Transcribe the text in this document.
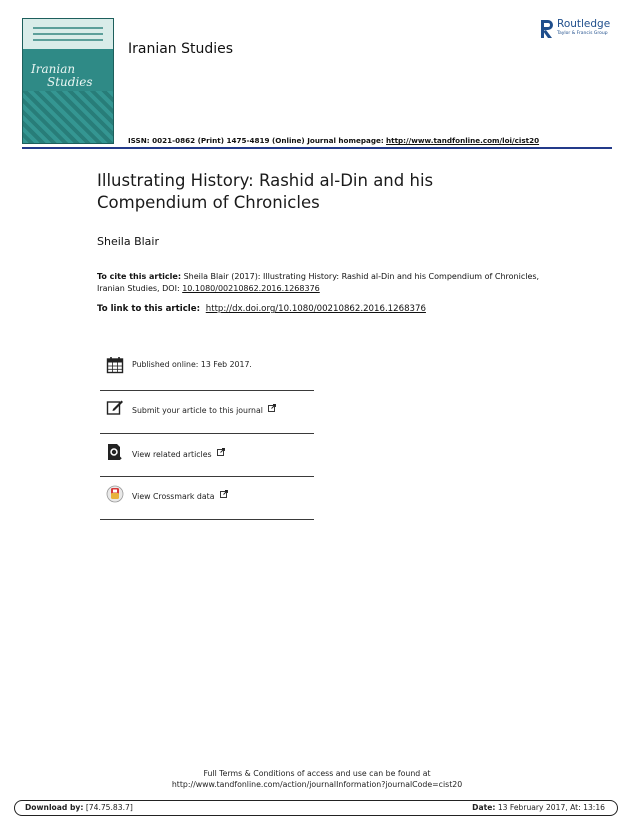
Iranian
Studies
Iranian Studies
Routledge
Taylor & Francis Group
ISSN: 0021-0862 (Print) 1475-4819 (Online) Journal homepage: http://www.tandfonline.com/loi/cist20
Illustrating History: Rashid al-Din and his Compendium of Chronicles
Sheila Blair
To cite this article: Sheila Blair (2017): Illustrating History: Rashid al-Din and his Compendium of Chronicles, Iranian Studies, DOI: 10.1080/00210862.2016.1268376
To link to this article: http://dx.doi.org/10.1080/00210862.2016.1268376
Published online: 13 Feb 2017.
Submit your article to this journal
View related articles
View Crossmark data
Full Terms & Conditions of access and use can be found at
http://www.tandfonline.com/action/journalInformation?journalCode=cist20
Download by: [74.75.83.7]	Date: 13 February 2017, At: 13:16
